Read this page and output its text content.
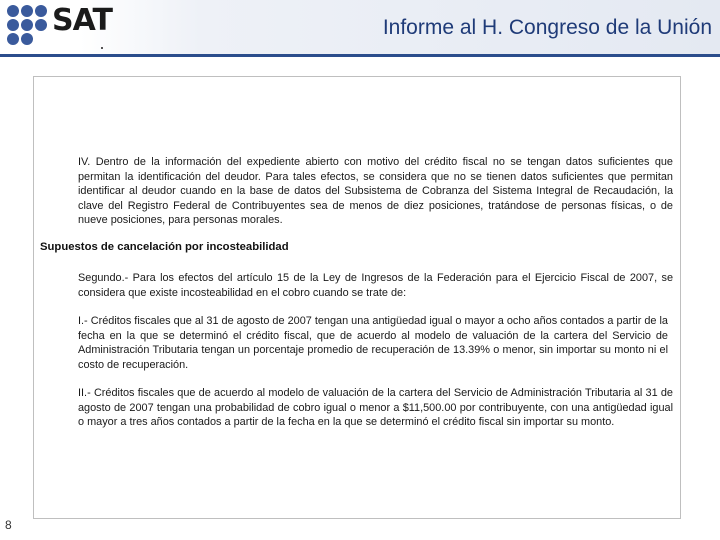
SAT	Informe al H. Congreso de la Unión

IV. Dentro de la información del expediente abierto con motivo del crédito fiscal no se tengan datos suficientes que permitan la identificación del deudor. Para tales efectos, se considera que no se tienen datos suficientes que permitan identificar al deudor cuando en la base de datos del Subsistema de Cobranza del Sistema Integral de Recaudación, la clave del Registro Federal de Contribuyentes sea de menos de diez posiciones, tratándose de personas físicas, o de nueve posiciones, para personas morales.

Supuestos de cancelación por incosteabilidad

Segundo.- Para los efectos del artículo 15 de la Ley de Ingresos de la Federación para el Ejercicio Fiscal de 2007, se considera que existe incosteabilidad en el cobro cuando se trate de:

I.- Créditos fiscales que al 31 de agosto de 2007 tengan una antigüedad igual o mayor a ocho años contados a partir de la fecha en la que se determinó el crédito fiscal, que de acuerdo al modelo de valuación de la cartera del Servicio de Administración Tributaria tengan un porcentaje promedio de recuperación de 13.39% o menor, sin importar su monto ni el costo de recuperación.

II.- Créditos fiscales que de acuerdo al modelo de valuación de la cartera del Servicio de Administración Tributaria al 31 de agosto de 2007 tengan una probabilidad de cobro igual o menor a $11,500.00 por contribuyente, con una antigüedad igual o mayor a tres años contados a partir de la fecha en la que se determinó el crédito fiscal sin importar su monto.

8
